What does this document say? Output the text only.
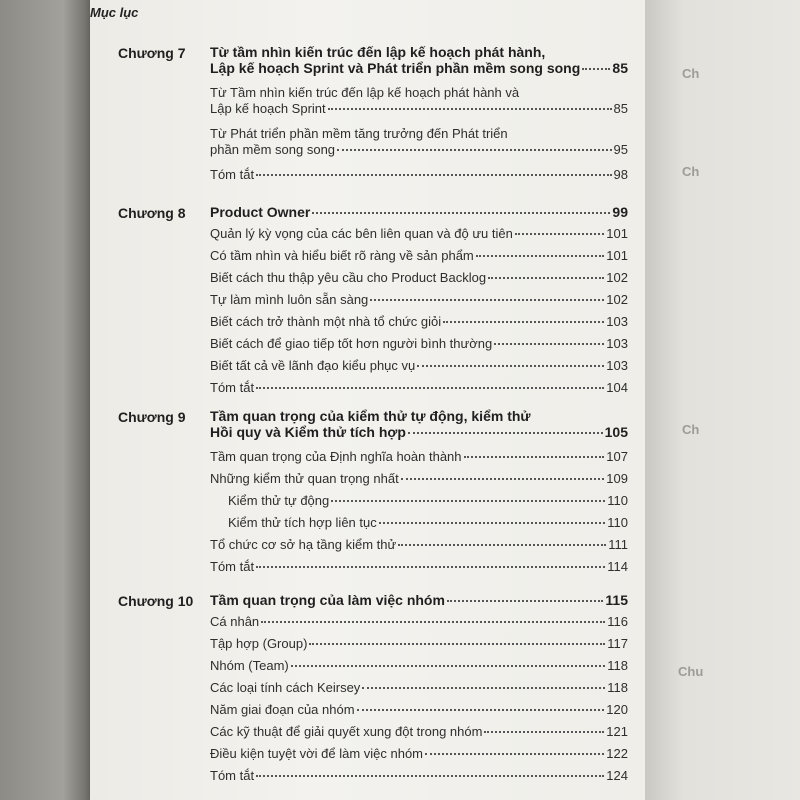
Mục lục
Chương 7 Từ tầm nhìn kiến trúc đến lập kế hoạch phát hành,
Lập kế hoạch Sprint và Phát triển phần mềm song song 85
Từ Tầm nhìn kiến trúc đến lập kế hoạch phát hành và
Lập kế hoạch Sprint	85
Từ Phát triển phần mềm tăng trưởng đến Phát triển
phần mềm song song	95
Tóm tắt	98
Chương 8 Product Owner	99
Quản lý kỳ vọng của các bên liên quan và độ ưu tiên	101
Có tầm nhìn và hiểu biết rõ ràng về sản phẩm	101
Biết cách thu thập yêu cầu cho Product Backlog	102
Tự làm mình luôn sẵn sàng	102
Biết cách trở thành một nhà tổ chức giỏi	103
Biết cách để giao tiếp tốt hơn người bình thường	103
Biết tất cả về lãnh đạo kiểu phục vụ	103
Tóm tắt	104
Chương 9 Tầm quan trọng của kiểm thử tự động, kiểm thử
Hồi quy và Kiểm thử tích hợp	105
Tầm quan trọng của Định nghĩa hoàn thành	107
Những kiểm thử quan trọng nhất	109
Kiểm thử tự động	110
Kiểm thử tích hợp liên tục	110
Tổ chức cơ sở hạ tầng kiểm thử	111
Tóm tắt	114
Chương 10 Tầm quan trọng của làm việc nhóm	115
Cá nhân	116
Tập hợp (Group)	117
Nhóm (Team)	118
Các loại tính cách Keirsey	118
Năm giai đoạn của nhóm	120
Các kỹ thuật để giải quyết xung đột trong nhóm	121
Điều kiện tuyệt vời để làm việc nhóm	122
Tóm tắt	124
Ch
Ch
Ch
Chu
